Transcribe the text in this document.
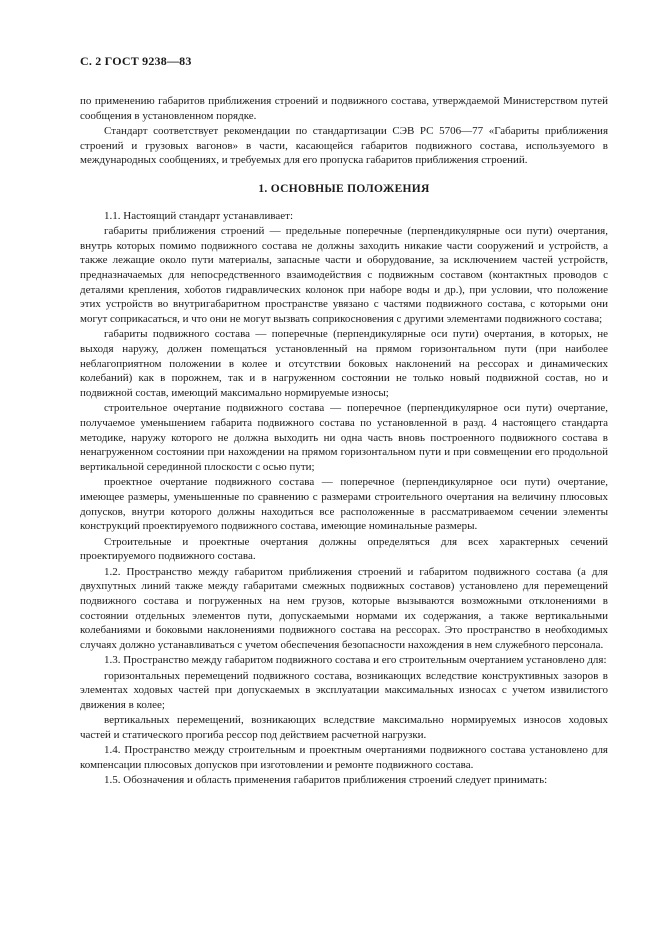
С. 2 ГОСТ 9238—83

по применению габаритов приближения строений и подвижного состава, утверждаемой Министерством путей сообщения в установленном порядке.

Стандарт соответствует рекомендации по стандартизации СЭВ РС 5706—77 «Габариты приближения строений и грузовых вагонов» в части, касающейся габаритов подвижного состава, используемого в международных сообщениях, и требуемых для его пропуска габаритов приближения строений.

1. ОСНОВНЫЕ ПОЛОЖЕНИЯ

1.1. Настоящий стандарт устанавливает:

габариты приближения строений — предельные поперечные (перпендикулярные оси пути) очертания, внутрь которых помимо подвижного состава не должны заходить никакие части сооружений и устройств, а также лежащие около пути материалы, запасные части и оборудование, за исключением частей устройств, предназначаемых для непосредственного взаимодействия с подвижным составом (контактных проводов с деталями крепления, хоботов гидравлических колонок при наборе воды и др.), при условии, что положение этих устройств во внутригабаритном пространстве увязано с частями подвижного состава, с которыми они могут соприкасаться, и что они не могут вызвать соприкосновения с другими элементами подвижного состава;

габариты подвижного состава — поперечные (перпендикулярные оси пути) очертания, в которых, не выходя наружу, должен помещаться установленный на прямом горизонтальном пути (при наиболее неблагоприятном положении в колее и отсутствии боковых наклонений на рессорах и динамических колебаний) как в порожнем, так и в нагруженном состоянии не только новый подвижной состав, но и подвижной состав, имеющий максимально нормируемые износы;

строительное очертание подвижного состава — поперечное (перпендикулярное оси пути) очертание, получаемое уменьшением габарита подвижного состава по установленной в разд. 4 настоящего стандарта методике, наружу которого не должна выходить ни одна часть вновь построенного подвижного состава в ненагруженном состоянии при нахождении на прямом горизонтальном пути и при совмещении его продольной вертикальной серединной плоскости с осью пути;

проектное очертание подвижного состава — поперечное (перпендикулярное оси пути) очертание, имеющее размеры, уменьшенные по сравнению с размерами строительного очертания на величину плюсовых допусков, внутри которого должны находиться все расположенные в рассматриваемом сечении элементы конструкций проектируемого подвижного состава, имеющие номинальные размеры.

Строительные и проектные очертания должны определяться для всех характерных сечений проектируемого подвижного состава.

1.2. Пространство между габаритом приближения строений и габаритом подвижного состава (а для двухпутных линий также между габаритами смежных подвижных составов) установлено для перемещений подвижного состава и погруженных на нем грузов, которые вызываются возможными отклонениями в состоянии отдельных элементов пути, допускаемыми нормами их содержания, а также вертикальными колебаниями и боковыми наклонениями подвижного состава на рессорах. Это пространство в необходимых случаях должно устанавливаться с учетом обеспечения безопасности нахождения в нем служебного персонала.

1.3. Пространство между габаритом подвижного состава и его строительным очертанием установлено для:

горизонтальных перемещений подвижного состава, возникающих вследствие конструктивных зазоров в элементах ходовых частей при допускаемых в эксплуатации максимальных износах с учетом извилистого движения в колее;

вертикальных перемещений, возникающих вследствие максимально нормируемых износов ходовых частей и статического прогиба рессор под действием расчетной нагрузки.

1.4. Пространство между строительным и проектным очертаниями подвижного состава установлено для компенсации плюсовых допусков при изготовлении и ремонте подвижного состава.

1.5. Обозначения и область применения габаритов приближения строений следует принимать:
